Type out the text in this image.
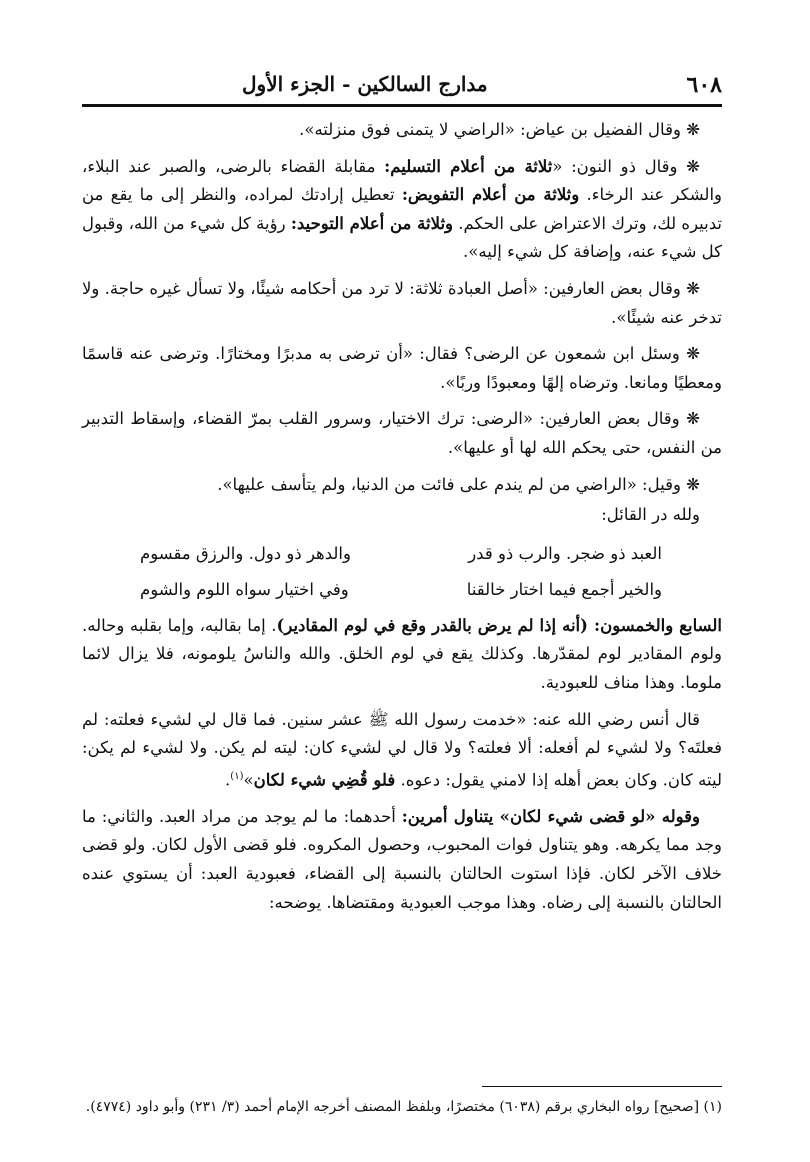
٦٠٨
مدارج السالكين - الجزء الأول

❋ وقال الفضيل بن عياض: «الراضي لا يتمنى فوق منزلته».

❋ وقال ذو النون: «ثلاثة من أعلام التسليم: مقابلة القضاء بالرضى، والصبر عند البلاء، والشكر عند الرخاء. وثلاثة من أعلام التفويض: تعطيل إرادتك لمراده، والنظر إلى ما يقع من تدبيره لك، وترك الاعتراض على الحكم. وثلاثة من أعلام التوحيد: رؤية كل شيء من الله، وقبول كل شيء عنه، وإضافة كل شيء إليه».

❋ وقال بعض العارفين: «أصل العبادة ثلاثة: لا ترد من أحكامه شيئًا، ولا تسأل غيره حاجة. ولا تدخر عنه شيئًا».

❋ وسئل ابن شمعون عن الرضى؟ فقال: «أن ترضى به مدبرًا ومختارًا. وترضى عنه قاسمًا ومعطيًا ومانعا. وترضاه إلهًا ومعبودًا وربًا».

❋ وقال بعض العارفين: «الرضى: ترك الاختيار، وسرور القلب بمرّ القضاء، وإسقاط التدبير من النفس، حتى يحكم الله لها أو عليها».

❋ وقيل: «الراضي من لم يندم على فائت من الدنيا، ولم يتأسف عليها».

ولله در القائل:

العبد ذو ضجر. والرب ذو قدر
والدهر ذو دول. والرزق مقسوم
والخير أجمع فيما اختار خالقنا
وفي اختيار سواه اللوم والشوم

السابع والخمسون: (أنه إذا لم يرض بالقدر وقع في لوم المقادير). إما بقالبه، وإما بقلبه وحاله. ولوم المقادير لوم لمقدّرها. وكذلك يقع في لوم الخلق. والله والناسُ يلومونه، فلا يزال لائما ملوما. وهذا مناف للعبودية.

قال أنس رضي الله عنه: «خدمت رسول الله ﷺ عشر سنين. فما قال لي لشيء فعلته: لم فعلتَه؟ ولا لشيء لم أفعله: ألا فعلته؟ ولا قال لي لشيء كان: ليته لم يكن. ولا لشيء لم يكن: ليته كان. وكان بعض أهله إذا لامني يقول: دعوه. فلو قُضِي شيء لكان»$^{(١)}$.

وقوله «لو قضى شيء لكان» يتناول أمرين: أحدهما: ما لم يوجد من مراد العبد. والثاني: ما وجد مما يكرهه. وهو يتناول فوات المحبوب، وحصول المكروه. فلو قضى الأول لكان. ولو قضى خلاف الآخر لكان. فإذا استوت الحالتان بالنسبة إلى القضاء، فعبودية العبد: أن يستوي عنده الحالتان بالنسبة إلى رضاه. وهذا موجب العبودية ومقتضاها. يوضحه:

(١) [صحيح] رواه البخاري برقم (٦٠٣٨) مختصرًا، وبلفظ المصنف أخرجه الإمام أحمد (٣/ ٢٣١) وأبو داود (٤٧٧٤).
